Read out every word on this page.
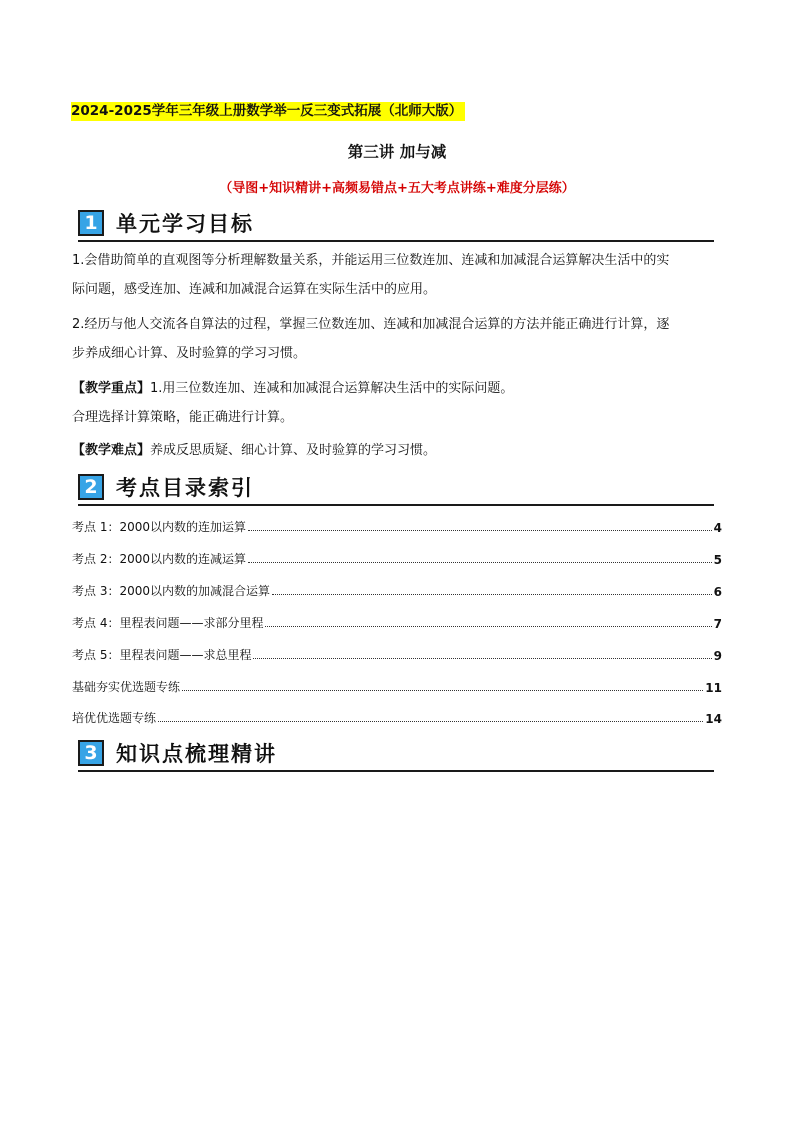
2024-2025学年三年级上册数学举一反三变式拓展（北师大版）
第三讲 加与减
（导图+知识精讲+高频易错点+五大考点讲练+难度分层练）
1 单元学习目标
1.会借助简单的直观图等分析理解数量关系，并能运用三位数连加、连减和加减混合运算解决生活中的实
际问题，感受连加、连减和加减混合运算在实际生活中的应用。
2.经历与他人交流各自算法的过程，掌握三位数连加、连减和加减混合运算的方法并能正确进行计算，逐
步养成细心计算、及时验算的学习习惯。
【教学重点】1.用三位数连加、连减和加减混合运算解决生活中的实际问题。
合理选择计算策略，能正确进行计算。
【教学难点】养成反思质疑、细心计算、及时验算的学习习惯。
2 考点目录索引
考点 1：2000以内数的连加运算	4
考点 2：2000以内数的连减运算	5
考点 3：2000以内数的加减混合运算	6
考点 4：里程表问题——求部分里程	7
考点 5：里程表问题——求总里程	9
基础夯实优选题专练	11
培优优选题专练	14
3 知识点梳理精讲
